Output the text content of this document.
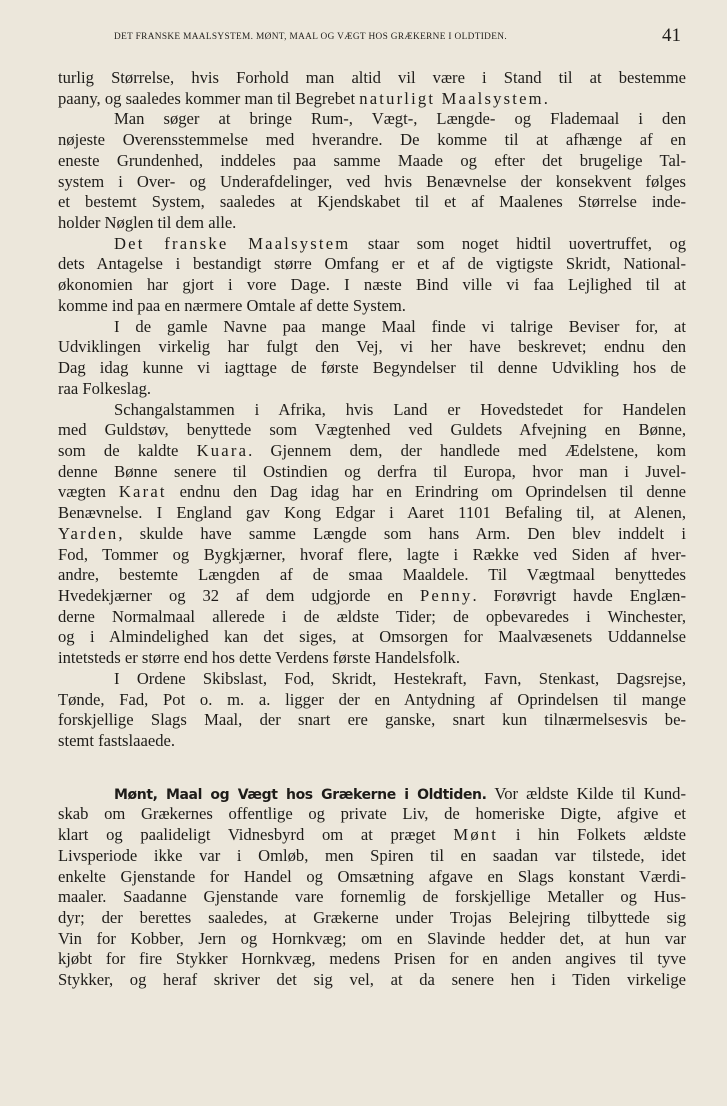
DET FRANSKE MAALSYSTEM. MØNT, MAAL OG VÆGT HOS GRÆKERNE I OLDTIDEN.	41
turlig Størrelse, hvis Forhold man altid vil være i Stand til at bestemme
paany, og saaledes kommer man til Begrebet naturligt Maalsystem.
Man søger at bringe Rum-, Vægt-, Længde- og Flademaal i den
nøjeste Overensstemmelse med hverandre. De komme til at afhænge af en
eneste Grundenhed, inddeles paa samme Maade og efter det brugelige Tal-
system i Over- og Underafdelinger, ved hvis Benævnelse der konsekvent følges
et bestemt System, saaledes at Kjendskabet til et af Maalenes Størrelse inde-
holder Nøglen til dem alle.
Det franske Maalsystem staar som noget hidtil uovertruffet, og
dets Antagelse i bestandigt større Omfang er et af de vigtigste Skridt, National-
økonomien har gjort i vore Dage. I næste Bind ville vi faa Lejlighed til at
komme ind paa en nærmere Omtale af dette System.
I de gamle Navne paa mange Maal finde vi talrige Beviser for, at
Udviklingen virkelig har fulgt den Vej, vi her have beskrevet; endnu den
Dag idag kunne vi iagttage de første Begyndelser til denne Udvikling hos de
raa Folkeslag.
Schangalstammen i Afrika, hvis Land er Hovedstedet for Handelen
med Guldstøv, benyttede som Vægtenhed ved Guldets Afvejning en Bønne,
som de kaldte Kuara. Gjennem dem, der handlede med Ædelstene, kom
denne Bønne senere til Ostindien og derfra til Europa, hvor man i Juvel-
vægten Karat endnu den Dag idag har en Erindring om Oprindelsen til denne
Benævnelse. I England gav Kong Edgar i Aaret 1101 Befaling til, at Alenen,
Yarden, skulde have samme Længde som hans Arm. Den blev inddelt i
Fod, Tommer og Bygkjærner, hvoraf flere, lagte i Række ved Siden af hver-
andre, bestemte Længden af de smaa Maaldele. Til Vægtmaal benyttedes
Hvedekjærner og 32 af dem udgjorde en Penny. Forøvrigt havde Englæn-
derne Normalmaal allerede i de ældste Tider; de opbevaredes i Winchester,
og i Almindelighed kan det siges, at Omsorgen for Maalvæsenets Uddannelse
intetsteds er større end hos dette Verdens første Handelsfolk.
I Ordene Skibslast, Fod, Skridt, Hestekraft, Favn, Stenkast, Dagsrejse,
Tønde, Fad, Pot o. m. a. ligger der en Antydning af Oprindelsen til mange
forskjellige Slags Maal, der snart ere ganske, snart kun tilnærmelsesvis be-
stemt fastslaaede.
Mønt, Maal og Vægt hos Grækerne i Oldtiden. Vor ældste Kilde til Kund-
skab om Grækernes offentlige og private Liv, de homeriske Digte, afgive et
klart og paalideligt Vidnesbyrd om at præget Mønt i hin Folkets ældste
Livsperiode ikke var i Omløb, men Spiren til en saadan var tilstede, idet
enkelte Gjenstande for Handel og Omsætning afgave en Slags konstant Værdi-
maaler. Saadanne Gjenstande vare fornemlig de forskjellige Metaller og Hus-
dyr; der berettes saaledes, at Grækerne under Trojas Belejring tilbyttede sig
Vin for Kobber, Jern og Hornkvæg; om en Slavinde hedder det, at hun var
kjøbt for fire Stykker Hornkvæg, medens Prisen for en anden angives til tyve
Stykker, og heraf skriver det sig vel, at da senere hen i Tiden virkelige
